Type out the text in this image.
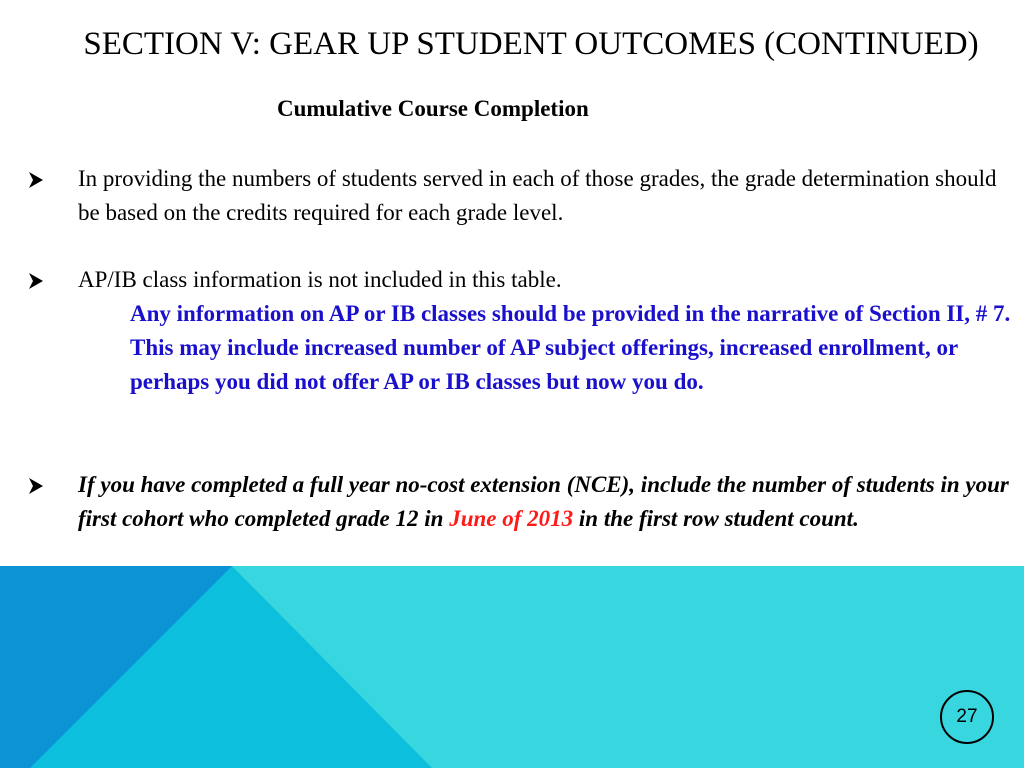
SECTION V: GEAR UP STUDENT OUTCOMES (CONTINUED)
Cumulative Course Completion
In providing the numbers of students served in each of those grades, the grade determination should be based on the credits required for each grade level.
AP/IB class information is not included in this table.
Any information on AP or IB classes should be provided in the narrative of Section II, # 7. This may include increased number of AP subject offerings, increased enrollment, or perhaps you did not offer AP or IB classes but now you do.
If you have completed a full year no-cost extension (NCE), include the number of students in your first cohort who completed grade 12 in June of 2013 in the first row student count.
27
